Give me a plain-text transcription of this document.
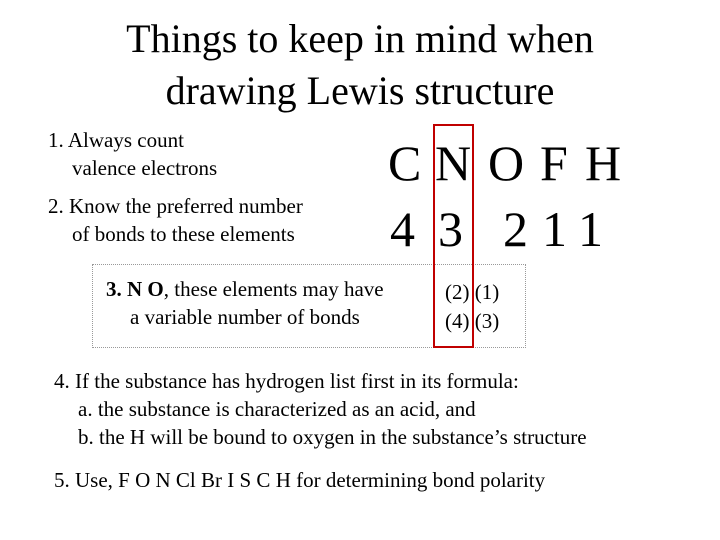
Things to keep in mind when
drawing Lewis structure
1. Always count
valence electrons
2. Know the preferred number
of bonds to these elements
C N O F H
4 3 2 1 1
3. N O, these elements may have
a variable number of bonds
(2) (1)
(4) (3)
4. If the substance has hydrogen list first in its formula:
a. the substance is characterized as an acid, and
b. the H will be bound to oxygen in the substance’s structure
5. Use, F O N Cl Br I S C H for determining bond polarity
